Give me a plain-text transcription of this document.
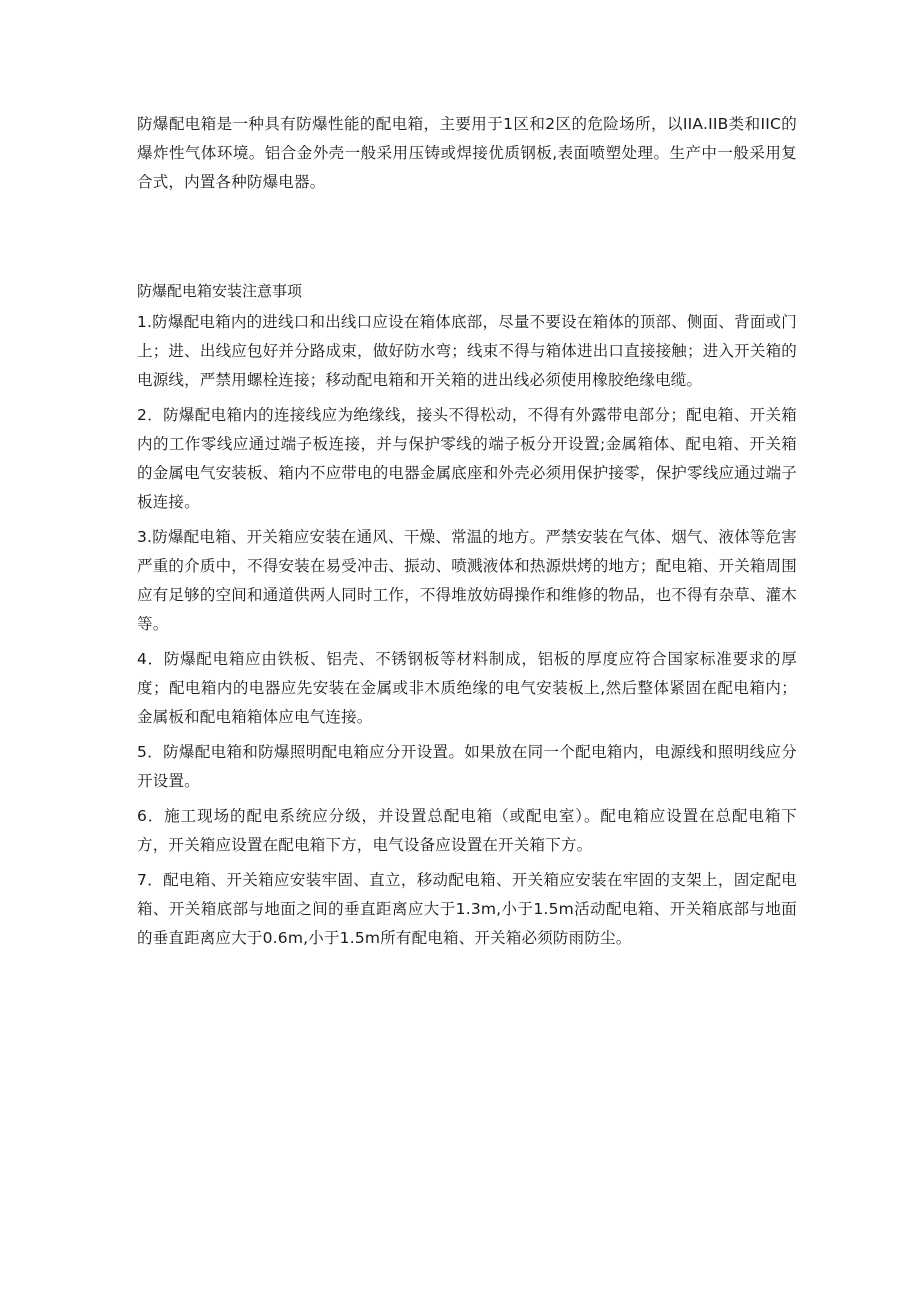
防爆配电箱是一种具有防爆性能的配电箱，主要用于1区和2区的危险场所，以IIA.IIB类和IIC的爆炸性气体环境。铝合金外壳一般采用压铸或焊接优质钢板,表面喷塑处理。生产中一般采用复合式，内置各种防爆电器。

防爆配电箱安装注意事项

1.防爆配电箱内的进线口和出线口应设在箱体底部，尽量不要设在箱体的顶部、侧面、背面或门上；进、出线应包好并分路成束，做好防水弯；线束不得与箱体进出口直接接触；进入开关箱的电源线，严禁用螺栓连接；移动配电箱和开关箱的进出线必须使用橡胶绝缘电缆。

2．防爆配电箱内的连接线应为绝缘线，接头不得松动，不得有外露带电部分；配电箱、开关箱内的工作零线应通过端子板连接，并与保护零线的端子板分开设置;金属箱体、配电箱、开关箱的金属电气安装板、箱内不应带电的电器金属底座和外壳必须用保护接零，保护零线应通过端子板连接。

3.防爆配电箱、开关箱应安装在通风、干燥、常温的地方。严禁安装在气体、烟气、液体等危害严重的介质中，不得安装在易受冲击、振动、喷溅液体和热源烘烤的地方；配电箱、开关箱周围应有足够的空间和通道供两人同时工作，不得堆放妨碍操作和维修的物品，也不得有杂草、灌木等。

4．防爆配电箱应由铁板、铝壳、不锈钢板等材料制成，铝板的厚度应符合国家标准要求的厚度；配电箱内的电器应先安装在金属或非木质绝缘的电气安装板上,然后整体紧固在配电箱内；金属板和配电箱箱体应电气连接。

5．防爆配电箱和防爆照明配电箱应分开设置。如果放在同一个配电箱内，电源线和照明线应分开设置。

6．施工现场的配电系统应分级，并设置总配电箱（或配电室）。配电箱应设置在总配电箱下方，开关箱应设置在配电箱下方，电气设备应设置在开关箱下方。

7．配电箱、开关箱应安装牢固、直立，移动配电箱、开关箱应安装在牢固的支架上，固定配电箱、开关箱底部与地面之间的垂直距离应大于1.3m,小于1.5m活动配电箱、开关箱底部与地面的垂直距离应大于0.6m,小于1.5m所有配电箱、开关箱必须防雨防尘。
